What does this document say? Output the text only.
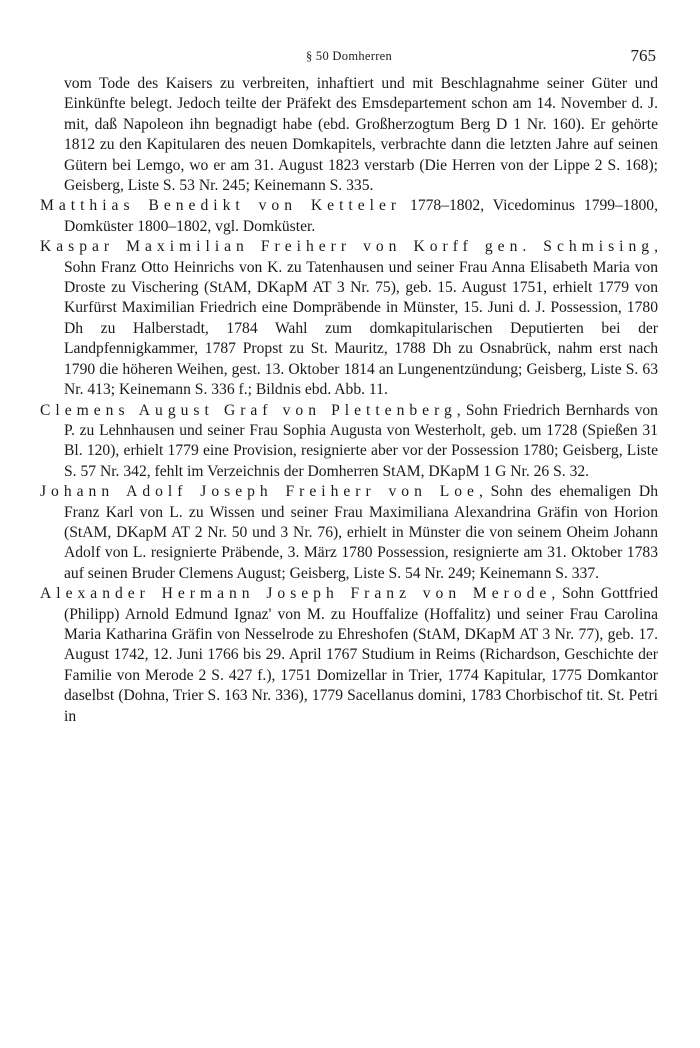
§ 50 Domherren	765

vom Tode des Kaisers zu verbreiten, inhaftiert und mit Beschlagnahme seiner Güter und Einkünfte belegt. Jedoch teilte der Präfekt des Emsdepartement schon am 14. November d. J. mit, daß Napoleon ihn begnadigt habe (ebd. Großherzogtum Berg D 1 Nr. 160). Er gehörte 1812 zu den Kapitularen des neuen Domkapitels, verbrachte dann die letzten Jahre auf seinen Gütern bei Lemgo, wo er am 31. August 1823 verstarb (Die Herren von der Lippe 2 S. 168); Geisberg, Liste S. 53 Nr. 245; Keinemann S. 335.

Matthias Benedikt von Ketteler 1778–1802, Vicedominus 1799–1800, Domküster 1800–1802, vgl. Domküster.

Kaspar Maximilian Freiherr von Korff gen. Schmising, Sohn Franz Otto Heinrichs von K. zu Tatenhausen und seiner Frau Anna Elisabeth Maria von Droste zu Vischering (StAM, DKapM AT 3 Nr. 75), geb. 15. August 1751, erhielt 1779 von Kurfürst Maximilian Friedrich eine Dompräbende in Münster, 15. Juni d. J. Possession, 1780 Dh zu Halberstadt, 1784 Wahl zum domkapitularischen Deputierten bei der Landpfennigkammer, 1787 Propst zu St. Mauritz, 1788 Dh zu Osnabrück, nahm erst nach 1790 die höheren Weihen, gest. 13. Oktober 1814 an Lungenentzündung; Geisberg, Liste S. 63 Nr. 413; Keinemann S. 336 f.; Bildnis ebd. Abb. 11.

Clemens August Graf von Plettenberg, Sohn Friedrich Bernhards von P. zu Lehnhausen und seiner Frau Sophia Augusta von Westerholt, geb. um 1728 (Spießen 31 Bl. 120), erhielt 1779 eine Provision, resignierte aber vor der Possession 1780; Geisberg, Liste S. 57 Nr. 342, fehlt im Verzeichnis der Domherren StAM, DKapM 1 G Nr. 26 S. 32.

Johann Adolf Joseph Freiherr von Loe, Sohn des ehemaligen Dh Franz Karl von L. zu Wissen und seiner Frau Maximiliana Alexandrina Gräfin von Horion (StAM, DKapM AT 2 Nr. 50 und 3 Nr. 76), erhielt in Münster die von seinem Oheim Johann Adolf von L. resignierte Präbende, 3. März 1780 Possession, resignierte am 31. Oktober 1783 auf seinen Bruder Clemens August; Geisberg, Liste S. 54 Nr. 249; Keinemann S. 337.

Alexander Hermann Joseph Franz von Merode, Sohn Gottfried (Philipp) Arnold Edmund Ignaz' von M. zu Houffalize (Hoffalitz) und seiner Frau Carolina Maria Katharina Gräfin von Nesselrode zu Ehreshofen (StAM, DKapM AT 3 Nr. 77), geb. 17. August 1742, 12. Juni 1766 bis 29. April 1767 Studium in Reims (Richardson, Geschichte der Familie von Merode 2 S. 427 f.), 1751 Domizellar in Trier, 1774 Kapitular, 1775 Domkantor daselbst (Dohna, Trier S. 163 Nr. 336), 1779 Sacellanus domini, 1783 Chorbischof tit. St. Petri in
